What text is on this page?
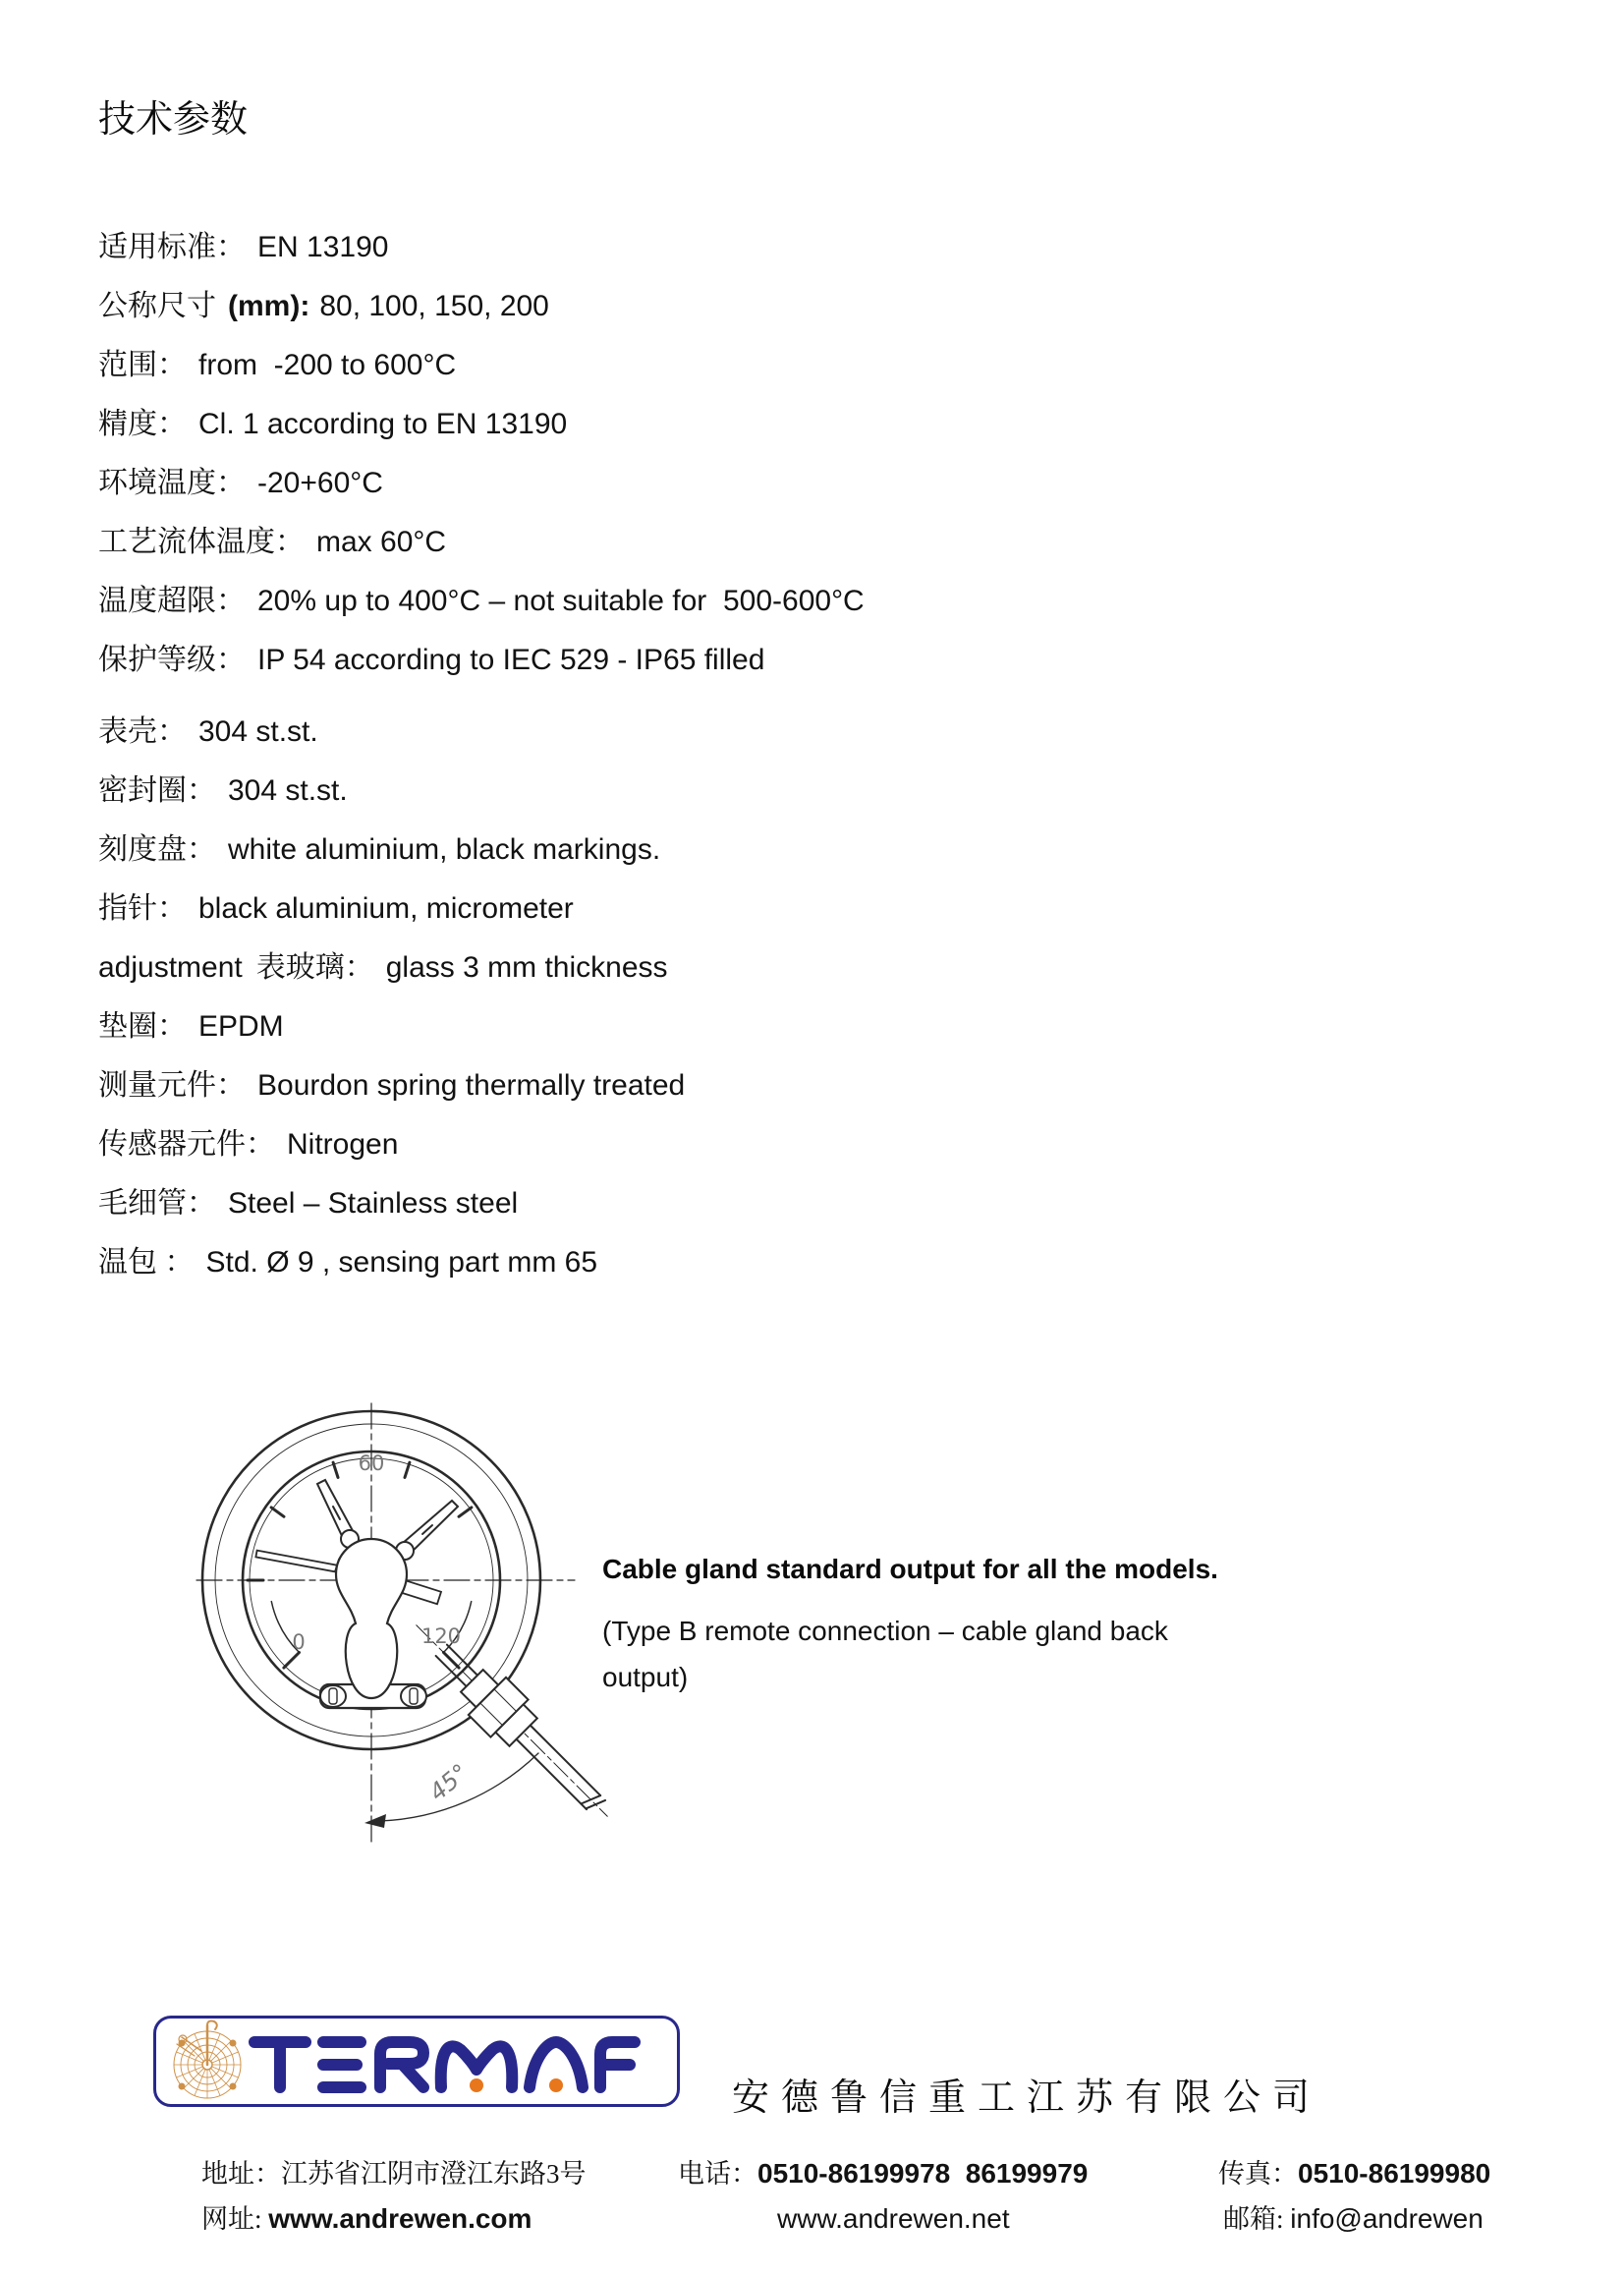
技术参数
适用标准： EN 13190
公称尺寸 (mm): 80, 100, 150, 200
范围： from  -200 to 600°C
精度： Cl. 1 according to EN 13190
环境温度： -20+60°C
工艺流体温度： max 60°C
温度超限： 20% up to 400°C – not suitable for  500-600°C
保护等级： IP 54 according to IEC 529 - IP65 filled
表壳： 304 st.st.
密封圈： 304 st.st.
刻度盘： white aluminium, black markings.
指针： black aluminium, micrometer
adjustment 表玻璃： glass 3 mm thickness
垫圈： EPDM
测量元件： Bourdon spring thermally treated
传感器元件： Nitrogen
毛细管： Steel – Stainless steel
温包 ： Std. Ø 9 , sensing part mm 65
60
0	120
45°
Cable gland standard output for all the models.
(Type B remote connection – cable gland back
output)
安德鲁信重工江苏有限公司

地址：江苏省江阴市澄江东路3号
	电话：0510-86199978  86199979
	传真：0510-86199980

网址: www.andrewen.com
	www.andrewen.net
	邮箱: info@andrewen
